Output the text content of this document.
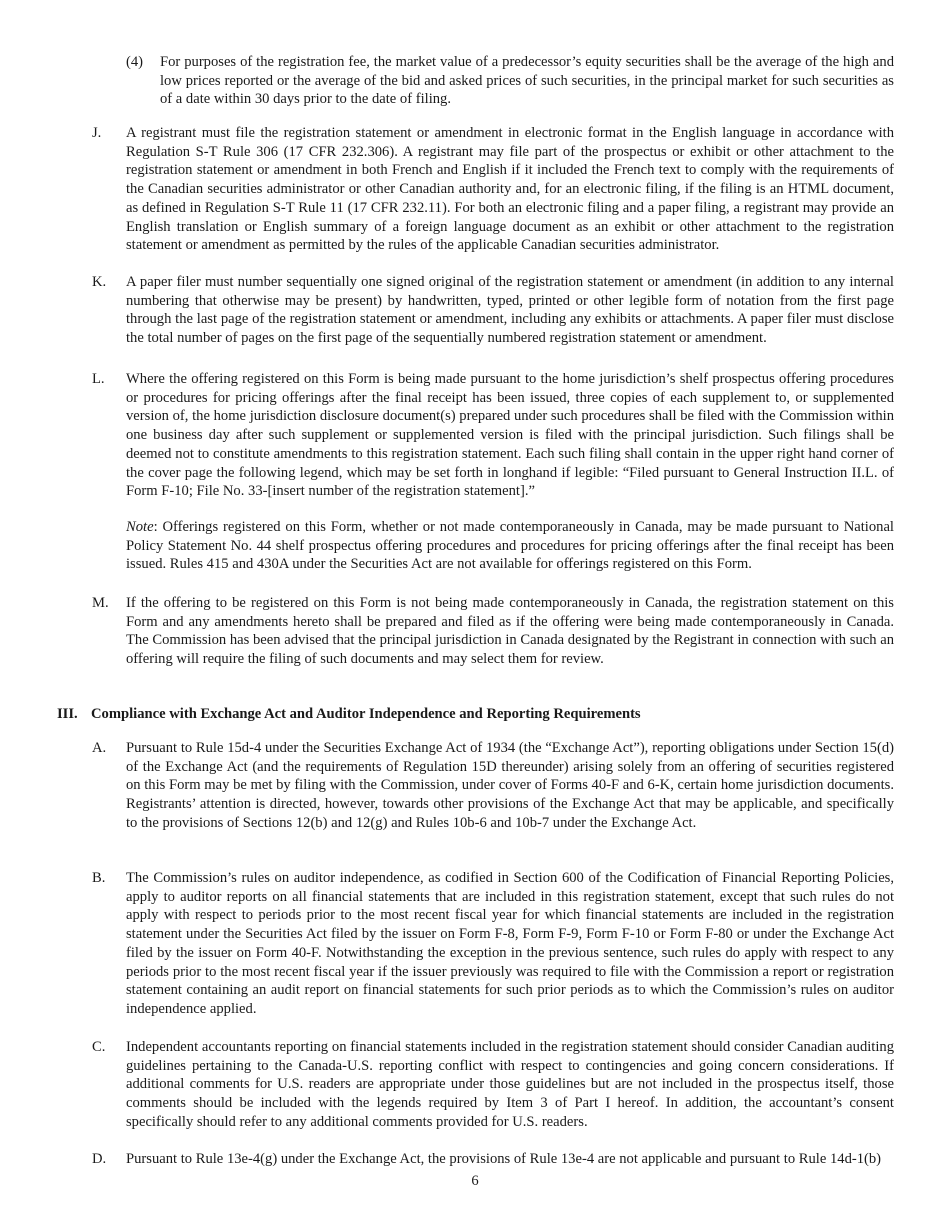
(4) For purposes of the registration fee, the market value of a predecessor’s equity securities shall be the average of the high and low prices reported or the average of the bid and asked prices of such securities, in the principal market for such securities as of a date within 30 days prior to the date of filing.
J. A registrant must file the registration statement or amendment in electronic format in the English language in accordance with Regulation S-T Rule 306 (17 CFR 232.306). A registrant may file part of the prospectus or exhibit or other attachment to the registration statement or amendment in both French and English if it included the French text to comply with the requirements of the Canadian securities administrator or other Canadian authority and, for an electronic filing, if the filing is an HTML document, as defined in Regulation S-T Rule 11 (17 CFR 232.11). For both an electronic filing and a paper filing, a registrant may provide an English translation or English summary of a foreign language document as an exhibit or other attachment to the registration statement or amendment as permitted by the rules of the applicable Canadian securities administrator.
K. A paper filer must number sequentially one signed original of the registration statement or amendment (in addition to any internal numbering that otherwise may be present) by handwritten, typed, printed or other legible form of notation from the first page through the last page of the registration statement or amendment, including any exhibits or attachments. A paper filer must disclose the total number of pages on the first page of the sequentially numbered registration statement or amendment.
L. Where the offering registered on this Form is being made pursuant to the home jurisdiction’s shelf prospectus offering procedures or procedures for pricing offerings after the final receipt has been issued, three copies of each supplement to, or supplemented version of, the home jurisdiction disclosure document(s) prepared under such procedures shall be filed with the Commission within one business day after such supplement or supplemented version is filed with the principal jurisdiction. Such filings shall be deemed not to constitute amendments to this registration statement. Each such filing shall contain in the upper right hand corner of the cover page the following legend, which may be set forth in longhand if legible: “Filed pursuant to General Instruction II.L. of Form F-10; File No. 33-[insert number of the registration statement].”
Note: Offerings registered on this Form, whether or not made contemporaneously in Canada, may be made pursuant to National Policy Statement No. 44 shelf prospectus offering procedures and procedures for pricing offerings after the final receipt has been issued. Rules 415 and 430A under the Securities Act are not available for offerings registered on this Form.
M. If the offering to be registered on this Form is not being made contemporaneously in Canada, the registration statement on this Form and any amendments hereto shall be prepared and filed as if the offering were being made contemporaneously in Canada. The Commission has been advised that the principal jurisdiction in Canada designated by the Registrant in connection with such an offering will require the filing of such documents and may select them for review.
III. Compliance with Exchange Act and Auditor Independence and Reporting Requirements
A. Pursuant to Rule 15d-4 under the Securities Exchange Act of 1934 (the “Exchange Act”), reporting obligations under Section 15(d) of the Exchange Act (and the requirements of Regulation 15D thereunder) arising solely from an offering of securities registered on this Form may be met by filing with the Commission, under cover of Forms 40-F and 6-K, certain home jurisdiction documents. Registrants’ attention is directed, however, towards other provisions of the Exchange Act that may be applicable, and specifically to the provisions of Sections 12(b) and 12(g) and Rules 10b-6 and 10b-7 under the Exchange Act.
B. The Commission’s rules on auditor independence, as codified in Section 600 of the Codification of Financial Reporting Policies, apply to auditor reports on all financial statements that are included in this registration statement, except that such rules do not apply with respect to periods prior to the most recent fiscal year for which financial statements are included in the registration statement under the Securities Act filed by the issuer on Form F-8, Form F-9, Form F-10 or Form F-80 or under the Exchange Act filed by the issuer on Form 40-F. Notwithstanding the exception in the previous sentence, such rules do apply with respect to any periods prior to the most recent fiscal year if the issuer previously was required to file with the Commission a report or registration statement containing an audit report on financial statements for such prior periods as to which the Commission’s rules on auditor independence applied.
C. Independent accountants reporting on financial statements included in the registration statement should consider Canadian auditing guidelines pertaining to the Canada-U.S. reporting conflict with respect to contingencies and going concern considerations. If additional comments for U.S. readers are appropriate under those guidelines but are not included in the prospectus itself, those comments should be included with the legends required by Item 3 of Part I hereof. In addition, the accountant’s consent specifically should refer to any additional comments provided for U.S. readers.
D. Pursuant to Rule 13e-4(g) under the Exchange Act, the provisions of Rule 13e-4 are not applicable and pursuant to Rule 14d-1(b)
6
